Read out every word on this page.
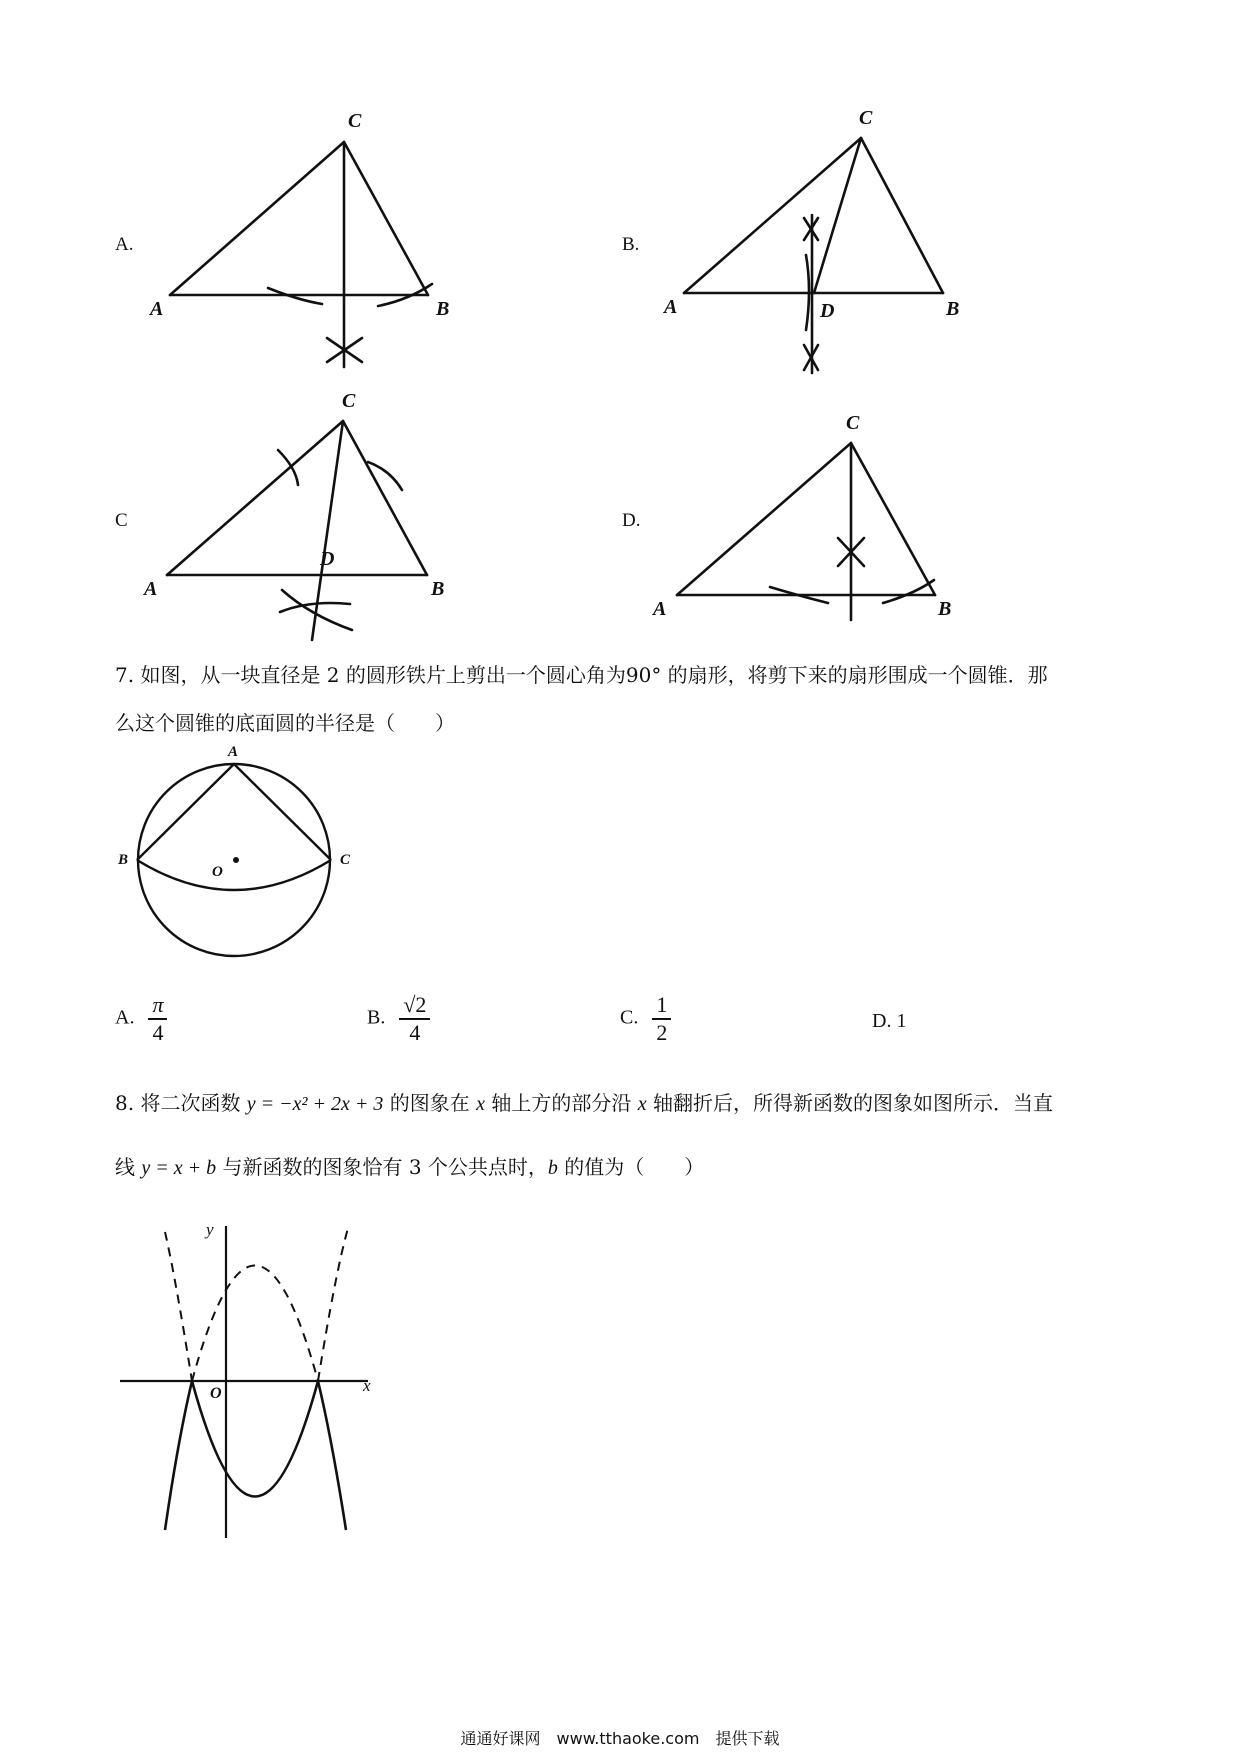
A.	B.
C	D.
C
A	B
C
A	D	B
C
A
D
B
C
A	B
7. 如图，从一块直径是 2 的圆形铁片上剪出一个圆心角为90° 的扇形，将剪下来的扇形围成一个圆锥．那
么这个圆锥的底面圆的半径是（　　）
A
B	C
O
A. $\frac{\pi}{4}$	B. $\frac{√2}{4}$	C. $\frac{1}{2}$	D. 1
8. 将二次函数 y = −x² + 2x + 3 的图象在 x 轴上方的部分沿 x 轴翻折后，所得新函数的图象如图所示．当直
线 y = x + b 与新函数的图象恰有 3 个公共点时，b 的值为（　　）
y
x
O
通通好课网　www.tthaoke.com　提供下载
